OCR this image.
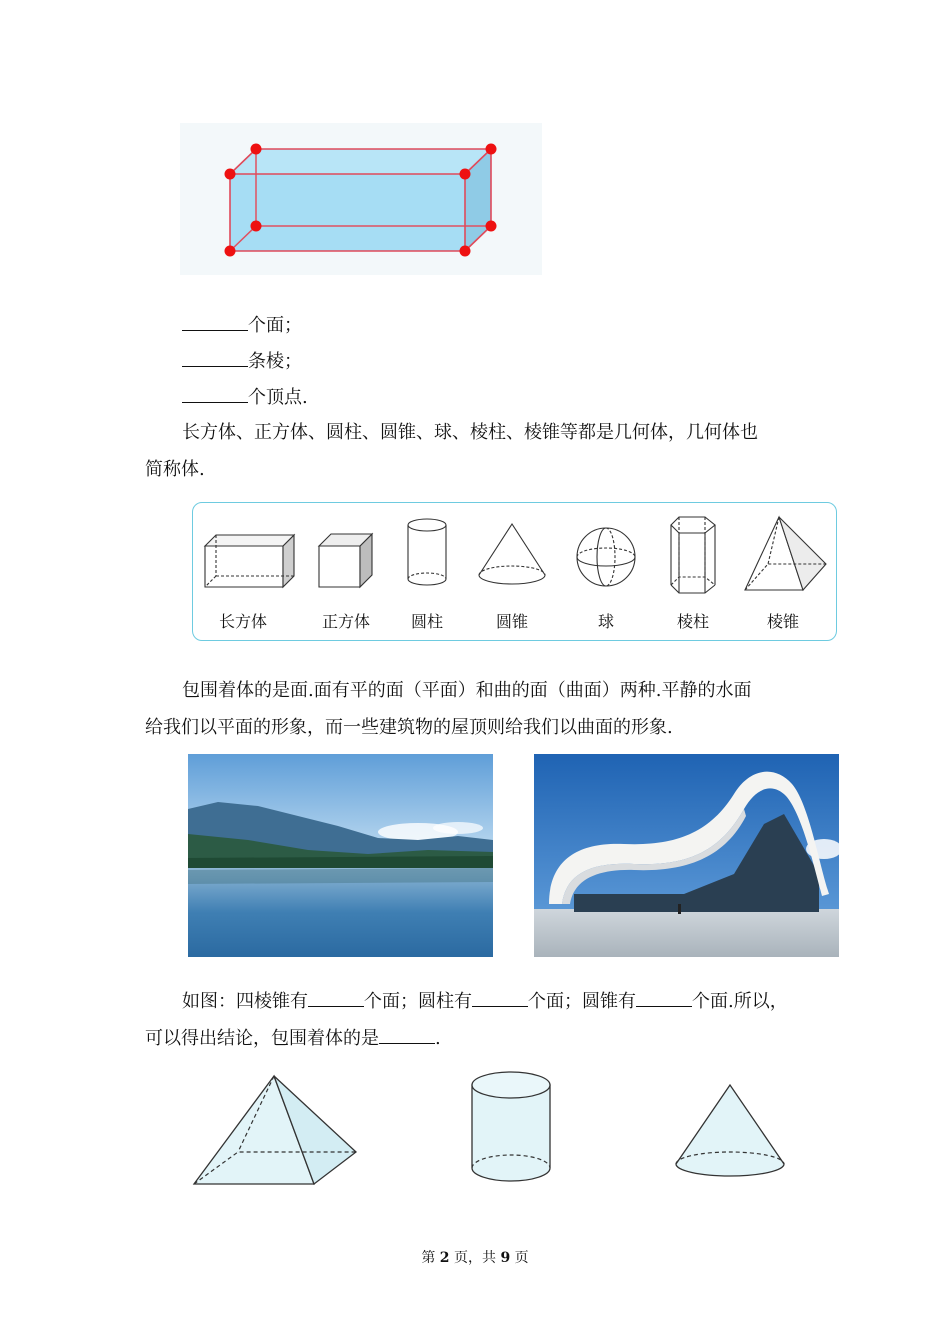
个面；
条棱；
个顶点.
长方体、正方体、圆柱、圆锥、球、棱柱、棱锥等都是几何体，几何体也
简称体.
长方体	正方体	圆柱	圆锥	球	棱柱	棱锥
包围着体的是面.面有平的面（平面）和曲的面（曲面）两种.平静的水面
给我们以平面的形象，而一些建筑物的屋顶则给我们以曲面的形象.
如图：四棱锥有	个面；圆柱有	个面；圆锥有	个面.所以，
可以得出结论，包围着体的是	.
第 2 页，共 9 页
